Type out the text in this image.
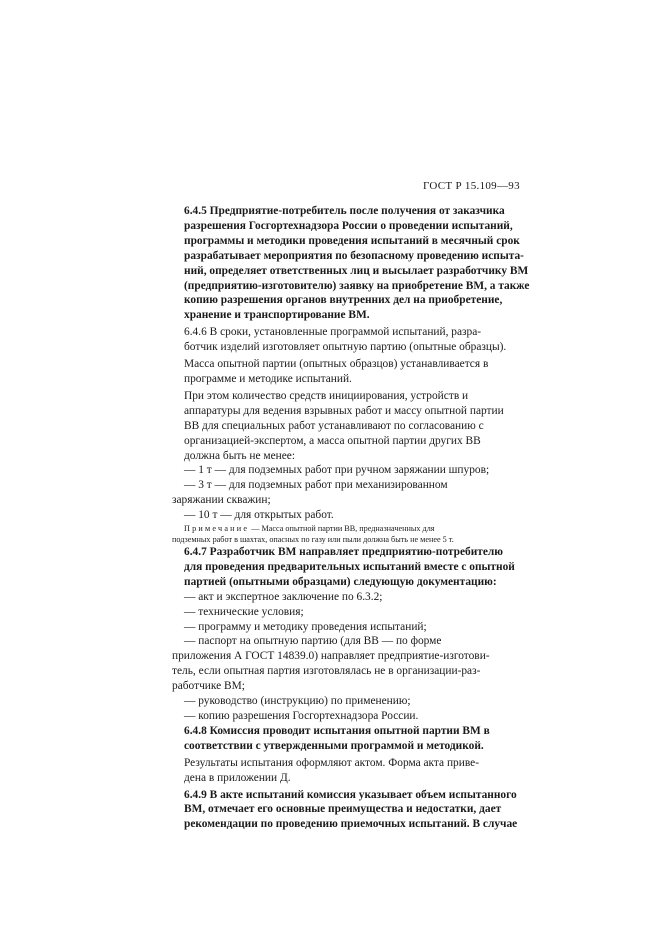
ГОСТ Р 15.109—93

6.4.5 Предприятие-потребитель после получения от заказчика
разрешения Госгортехнадзора России о проведении испытаний,
программы и методики проведения испытаний в месячный срок
разрабатывает мероприятия по безопасному проведению испыта-
ний, определяет ответственных лиц и высылает разработчику ВМ
(предприятию-изготовителю) заявку на приобретение ВМ, а также
копию разрешения органов внутренних дел на приобретение,
хранение и транспортирование ВМ.

6.4.6 В сроки, установленные программой испытаний, разра-
ботчик изделий изготовляет опытную партию (опытные образцы).

Масса опытной партии (опытных образцов) устанавливается в
программе и методике испытаний.

При этом количество средств инициирования, устройств и
аппаратуры для ведения взрывных работ и массу опытной партии
ВВ для специальных работ устанавливают по согласованию с
организацией-экспертом, а масса опытной партии других ВВ
должна быть не менее:

— 1 т — для подземных работ при ручном заряжании шпуров;

— 3 т — для подземных работ при механизированном
заряжании скважин;

— 10 т — для открытых работ.

Примечание — Масса опытной партии ВВ, предназначенных для
подземных работ в шахтах, опасных по газу или пыли должна быть не менее 5 т.

6.4.7 Разработчик ВМ направляет предприятию-потребителю
для проведения предварительных испытаний вместе с опытной
партией (опытными образцами) следующую документацию:

— акт и экспертное заключение по 6.3.2;

— технические условия;

— программу и методику проведения испытаний;

— паспорт на опытную партию (для ВВ — по форме
приложения А ГОСТ 14839.0) направляет предприятие-изготови-
тель, если опытная партия изготовлялась не в организации-раз-
работчике ВМ;

— руководство (инструкцию) по применению;

— копию разрешения Госгортехнадзора России.

6.4.8 Комиссия проводит испытания опытной партии ВМ в
соответствии с утвержденными программой и методикой.

Результаты испытания оформляют актом. Форма акта приве-
дена в приложении Д.

6.4.9 В акте испытаний комиссия указывает объем испытанного
ВМ, отмечает его основные преимущества и недостатки, дает
рекомендации по проведению приемочных испытаний. В случае
